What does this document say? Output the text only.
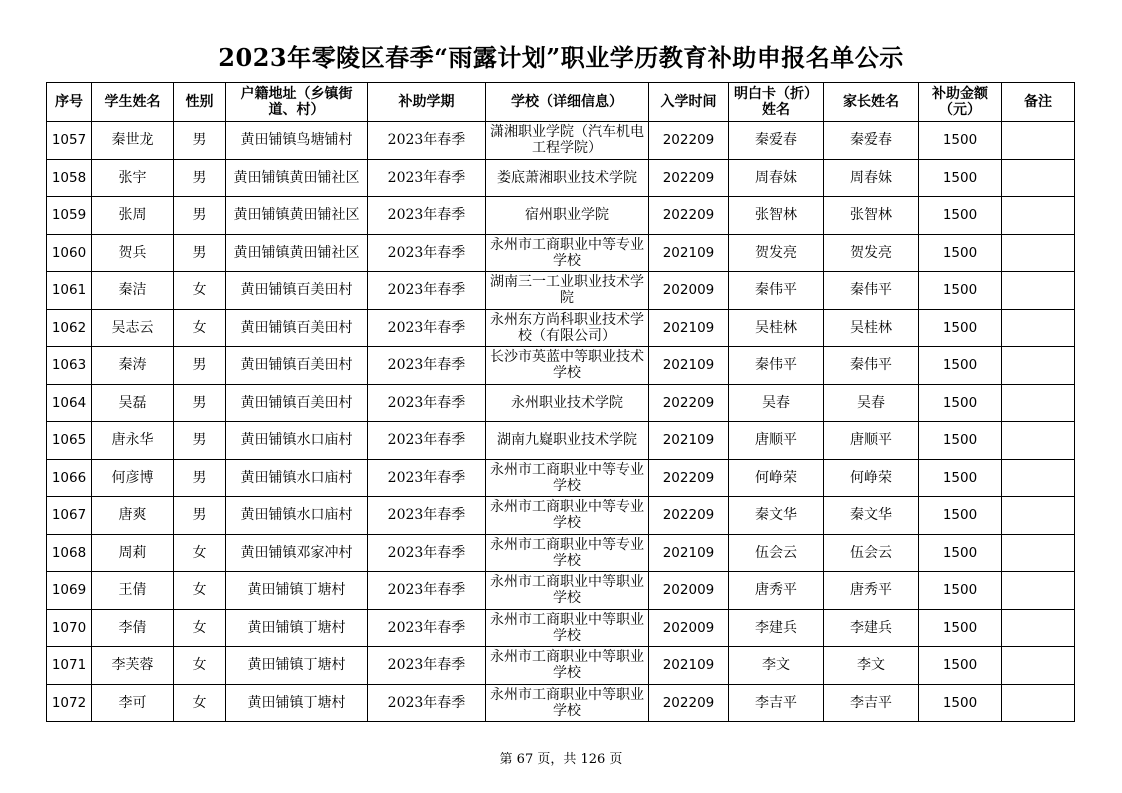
2023年零陵区春季“雨露计划”职业学历教育补助申报名单公示
序号	学生姓名	性别	户籍地址（乡镇街道、村）	补助学期	学校（详细信息）	入学时间	明白卡（折）姓名	家长姓名	补助金额（元）	备注
1057	秦世龙	男	黄田铺镇鸟塘铺村	2023年春季	潇湘职业学院（汽车机电工程学院）	202209	秦爱春	秦爱春	1500	
1058	张宇	男	黄田铺镇黄田铺社区	2023年春季	娄底萧湘职业技术学院	202209	周春妹	周春妹	1500	
1059	张周	男	黄田铺镇黄田铺社区	2023年春季	宿州职业学院	202209	张智林	张智林	1500	
1060	贺兵	男	黄田铺镇黄田铺社区	2023年春季	永州市工商职业中等专业学校	202109	贺发亮	贺发亮	1500	
1061	秦洁	女	黄田铺镇百美田村	2023年春季	湖南三一工业职业技术学院	202009	秦伟平	秦伟平	1500	
1062	吴志云	女	黄田铺镇百美田村	2023年春季	永州东方尚科职业技术学校（有限公司）	202109	吴桂林	吴桂林	1500	
1063	秦涛	男	黄田铺镇百美田村	2023年春季	长沙市英蓝中等职业技术学校	202109	秦伟平	秦伟平	1500	
1064	吴磊	男	黄田铺镇百美田村	2023年春季	永州职业技术学院	202209	吴春	吴春	1500	
1065	唐永华	男	黄田铺镇水口庙村	2023年春季	湖南九嶷职业技术学院	202109	唐顺平	唐顺平	1500	
1066	何彦博	男	黄田铺镇水口庙村	2023年春季	永州市工商职业中等专业学校	202209	何峥荣	何峥荣	1500	
1067	唐爽	男	黄田铺镇水口庙村	2023年春季	永州市工商职业中等专业学校	202209	秦文华	秦文华	1500	
1068	周莉	女	黄田铺镇邓家冲村	2023年春季	永州市工商职业中等专业学校	202109	伍会云	伍会云	1500	
1069	王倩	女	黄田铺镇丁塘村	2023年春季	永州市工商职业中等职业学校	202009	唐秀平	唐秀平	1500	
1070	李倩	女	黄田铺镇丁塘村	2023年春季	永州市工商职业中等职业学校	202009	李建兵	李建兵	1500	
1071	李芙蓉	女	黄田铺镇丁塘村	2023年春季	永州市工商职业中等职业学校	202109	李文	李文	1500	
1072	李可	女	黄田铺镇丁塘村	2023年春季	永州市工商职业中等职业学校	202209	李吉平	李吉平	1500	
第 67 页，共 126 页
